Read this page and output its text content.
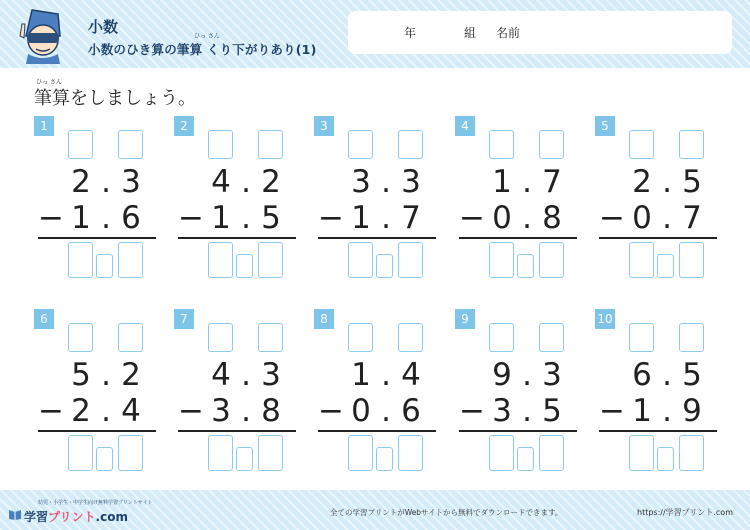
小数
ひっ さん
小数のひき算の筆算 くり下がりあり(1)
年	組 名前
ひっ さん
筆算をしましょう。
1
2 . 3
− 1 . 6
2
4 . 2
− 1 . 5
3
3 . 3
− 1 . 7
4
1 . 7
− 0 . 8
5
2 . 5
− 0 . 7
6
5 . 2
− 2 . 4
7
4 . 3
− 3 . 8
8
1 . 4
− 0 . 6
9
9 . 3
− 3 . 5
10
6 . 5
− 1 . 9
幼児・小学生・中学生向け無料学習プリントサイト
学習プリント.com	全ての学習プリントがWebサイトから無料でダウンロードできます。	https://学習プリント.com
